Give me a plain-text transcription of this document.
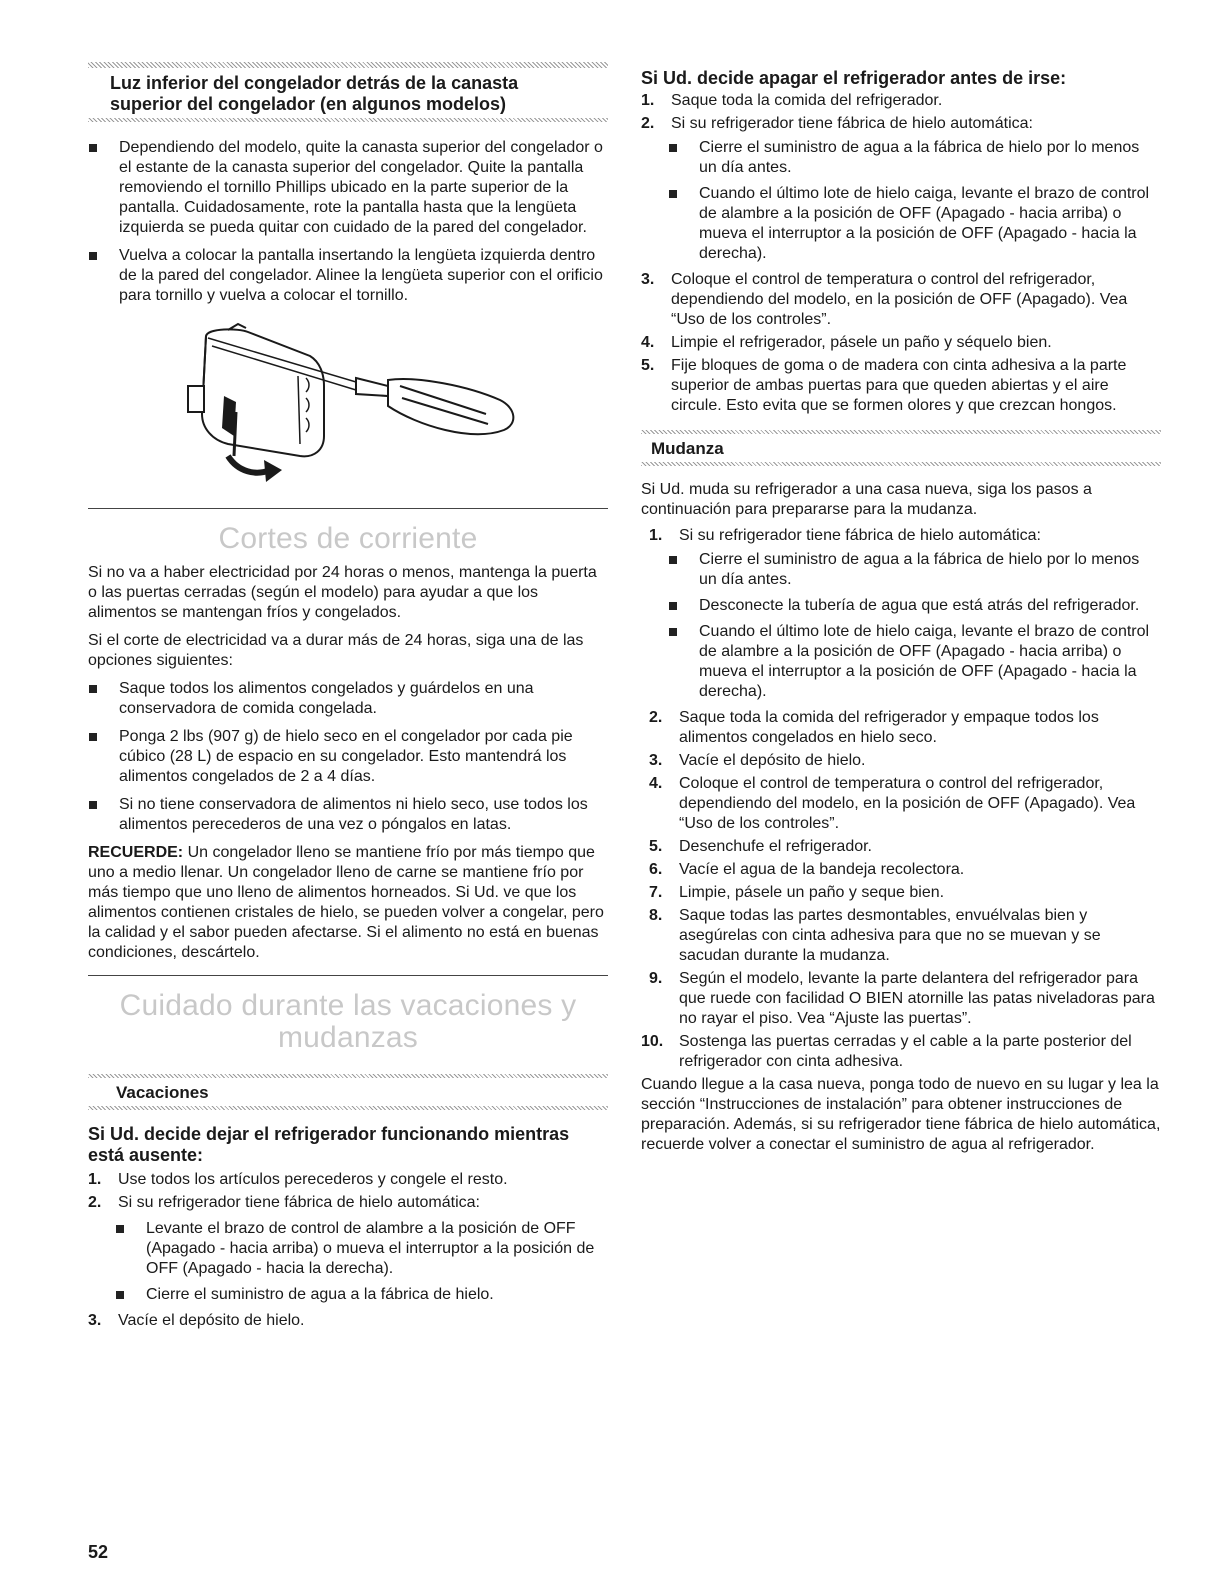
Luz inferior del congelador detrás de la canasta superior del congelador (en algunos modelos)
Dependiendo del modelo, quite la canasta superior del congelador o el estante de la canasta superior del congelador. Quite la pantalla removiendo el tornillo Phillips ubicado en la parte superior de la pantalla. Cuidadosamente, rote la pantalla hasta que la lengüeta izquierda se pueda quitar con cuidado de la pared del congelador.
Vuelva a colocar la pantalla insertando la lengüeta izquierda dentro de la pared del congelador. Alinee la lengüeta superior con el orificio para tornillo y vuelva a colocar el tornillo.
Cortes de corriente

Si no va a haber electricidad por 24 horas o menos, mantenga la puerta o las puertas cerradas (según el modelo) para ayudar a que los alimentos se mantengan fríos y congelados.

Si el corte de electricidad va a durar más de 24 horas, siga una de las opciones siguientes:

Saque todos los alimentos congelados y guárdelos en una conservadora de comida congelada.
Ponga 2 lbs (907 g) de hielo seco en el congelador por cada pie cúbico (28 L) de espacio en su congelador. Esto mantendrá los alimentos congelados de 2 a 4 días.
Si no tiene conservadora de alimentos ni hielo seco, use todos los alimentos perecederos de una vez o póngalos en latas.

RECUERDE: Un congelador lleno se mantiene frío por más tiempo que uno a medio llenar. Un congelador lleno de carne se mantiene frío por más tiempo que uno lleno de alimentos horneados. Si Ud. ve que los alimentos contienen cristales de hielo, se pueden volver a congelar, pero la calidad y el sabor pueden afectarse. Si el alimento no está en buenas condiciones, descártelo.

Cuidado durante las vacaciones y
mudanzas
Vacaciones
Si Ud. decide dejar el refrigerador funcionando mientras está ausente:
1.	Use todos los artículos perecederos y congele el resto.
2.	Si su refrigerador tiene fábrica de hielo automática:
Levante el brazo de control de alambre a la posición de OFF (Apagado - hacia arriba) o mueva el interruptor a la posición de OFF (Apagado - hacia la derecha).
Cierre el suministro de agua a la fábrica de hielo.
3.	Vacíe el depósito de hielo.
Si Ud. decide apagar el refrigerador antes de irse:
1.	Saque toda la comida del refrigerador.
2.	Si su refrigerador tiene fábrica de hielo automática:
Cierre el suministro de agua a la fábrica de hielo por lo menos un día antes.
Cuando el último lote de hielo caiga, levante el brazo de control de alambre a la posición de OFF (Apagado - hacia arriba) o mueva el interruptor a la posición de OFF (Apagado - hacia la derecha).
3.	Coloque el control de temperatura o control del refrigerador, dependiendo del modelo, en la posición de OFF (Apagado). Vea “Uso de los controles”.
4.	Limpie el refrigerador, pásele un paño y séquelo bien.
5.	Fije bloques de goma o de madera con cinta adhesiva a la parte superior de ambas puertas para que queden abiertas y el aire circule. Esto evita que se formen olores y que crezcan hongos.
Mudanza

Si Ud. muda su refrigerador a una casa nueva, siga los pasos a continuación para prepararse para la mudanza.

1.	Si su refrigerador tiene fábrica de hielo automática:
Cierre el suministro de agua a la fábrica de hielo por lo menos un día antes.
Desconecte la tubería de agua que está atrás del refrigerador.
Cuando el último lote de hielo caiga, levante el brazo de control de alambre a la posición de OFF (Apagado - hacia arriba) o mueva el interruptor a la posición de OFF (Apagado - hacia la derecha).
2.	Saque toda la comida del refrigerador y empaque todos los alimentos congelados en hielo seco.
3.	Vacíe el depósito de hielo.
4.	Coloque el control de temperatura o control del refrigerador, dependiendo del modelo, en la posición de OFF (Apagado). Vea “Uso de los controles”.
5.	Desenchufe el refrigerador.
6.	Vacíe el agua de la bandeja recolectora.
7.	Limpie, pásele un paño y seque bien.
8.	Saque todas las partes desmontables, envuélvalas bien y asegúrelas con cinta adhesiva para que no se muevan y se sacudan durante la mudanza.
9.	Según el modelo, levante la parte delantera del refrigerador para que ruede con facilidad O BIEN atornille las patas niveladoras para no rayar el piso. Vea “Ajuste las puertas”.
10. Sostenga las puertas cerradas y el cable a la parte posterior del refrigerador con cinta adhesiva.

Cuando llegue a la casa nueva, ponga todo de nuevo en su lugar y lea la sección “Instrucciones de instalación” para obtener instrucciones de preparación. Además, si su refrigerador tiene fábrica de hielo automática, recuerde volver a conectar el suministro de agua al refrigerador.

52
